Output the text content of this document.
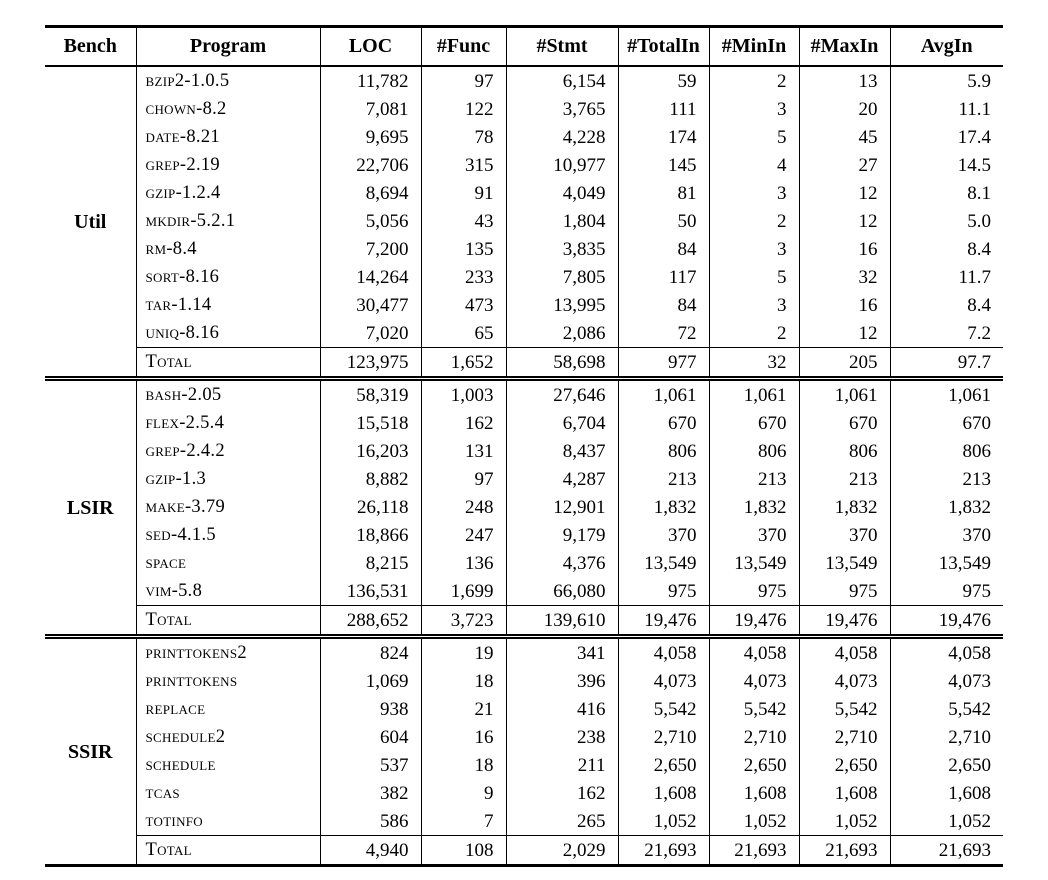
Bench	Program	LOC	#Func	#Stmt	#TotalIn	#MinIn	#MaxIn	AvgIn
Util	bzip2-1.0.5	11,782	97	6,154	59	2	13	5.9
	chown-8.2	7,081	122	3,765	111	3	20	11.1
	date-8.21	9,695	78	4,228	174	5	45	17.4
	grep-2.19	22,706	315	10,977	145	4	27	14.5
	gzip-1.2.4	8,694	91	4,049	81	3	12	8.1
	mkdir-5.2.1	5,056	43	1,804	50	2	12	5.0
	rm-8.4	7,200	135	3,835	84	3	16	8.4
	sort-8.16	14,264	233	7,805	117	5	32	11.7
	tar-1.14	30,477	473	13,995	84	3	16	8.4
	uniq-8.16	7,020	65	2,086	72	2	12	7.2
	Total	123,975	1,652	58,698	977	32	205	97.7
LSIR	bash-2.05	58,319	1,003	27,646	1,061	1,061	1,061	1,061
	flex-2.5.4	15,518	162	6,704	670	670	670	670
	grep-2.4.2	16,203	131	8,437	806	806	806	806
	gzip-1.3	8,882	97	4,287	213	213	213	213
	make-3.79	26,118	248	12,901	1,832	1,832	1,832	1,832
	sed-4.1.5	18,866	247	9,179	370	370	370	370
	space	8,215	136	4,376	13,549	13,549	13,549	13,549
	vim-5.8	136,531	1,699	66,080	975	975	975	975
	Total	288,652	3,723	139,610	19,476	19,476	19,476	19,476
SSIR	printtokens2	824	19	341	4,058	4,058	4,058	4,058
	printtokens	1,069	18	396	4,073	4,073	4,073	4,073
	replace	938	21	416	5,542	5,542	5,542	5,542
	schedule2	604	16	238	2,710	2,710	2,710	2,710
	schedule	537	18	211	2,650	2,650	2,650	2,650
	tcas	382	9	162	1,608	1,608	1,608	1,608
	totinfo	586	7	265	1,052	1,052	1,052	1,052
	Total	4,940	108	2,029	21,693	21,693	21,693	21,693
